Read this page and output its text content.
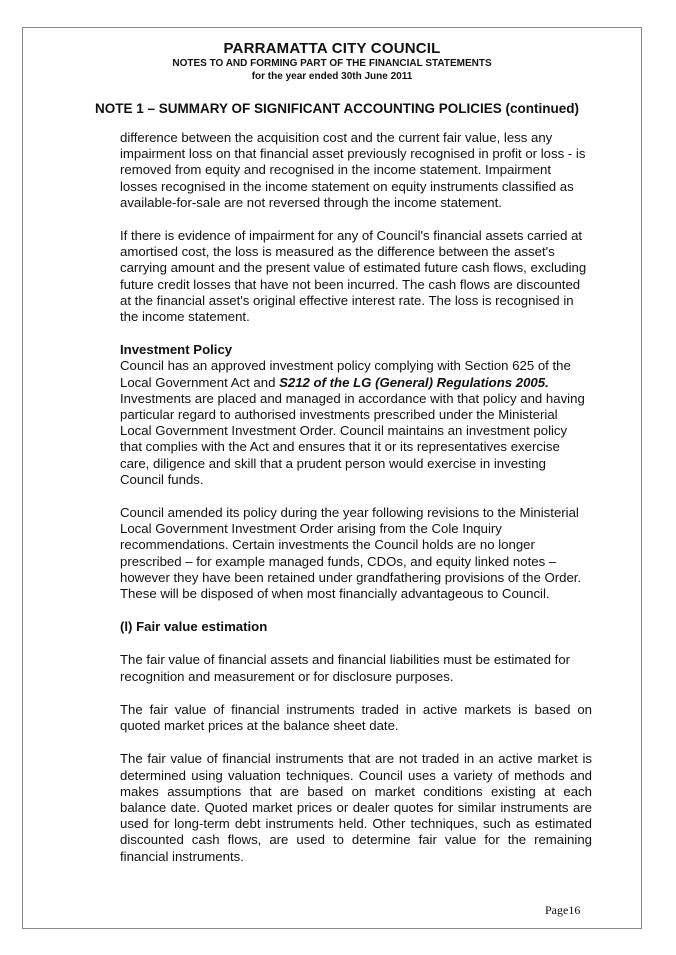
PARRAMATTA CITY COUNCIL
NOTES TO AND FORMING PART OF THE FINANCIAL STATEMENTS
for the year ended 30th June 2011
NOTE 1 – SUMMARY OF SIGNIFICANT ACCOUNTING POLICIES (continued)

difference between the acquisition cost and the current fair value, less any impairment loss on that financial asset previously recognised in profit or loss - is removed from equity and recognised in the income statement. Impairment losses recognised in the income statement on equity instruments classified as available-for-sale are not reversed through the income statement.

If there is evidence of impairment for any of Council's financial assets carried at amortised cost, the loss is measured as the difference between the asset's carrying amount and the present value of estimated future cash flows, excluding future credit losses that have not been incurred. The cash flows are discounted at the financial asset's original effective interest rate. The loss is recognised in the income statement.

Investment Policy

Council has an approved investment policy complying with Section 625 of the Local Government Act and S212 of the LG (General) Regulations 2005. Investments are placed and managed in accordance with that policy and having particular regard to authorised investments prescribed under the Ministerial Local Government Investment Order. Council maintains an investment policy that complies with the Act and ensures that it or its representatives exercise care, diligence and skill that a prudent person would exercise in investing Council funds.

Council amended its policy during the year following revisions to the Ministerial Local Government Investment Order arising from the Cole Inquiry recommendations. Certain investments the Council holds are no longer prescribed – for example managed funds, CDOs, and equity linked notes – however they have been retained under grandfathering provisions of the Order. These will be disposed of when most financially advantageous to Council.

(l) Fair value estimation

The fair value of financial assets and financial liabilities must be estimated for recognition and measurement or for disclosure purposes.

The fair value of financial instruments traded in active markets is based on quoted market prices at the balance sheet date.

The fair value of financial instruments that are not traded in an active market is determined using valuation techniques. Council uses a variety of methods and makes assumptions that are based on market conditions existing at each balance date. Quoted market prices or dealer quotes for similar instruments are used for long-term debt instruments held. Other techniques, such as estimated discounted cash flows, are used to determine fair value for the remaining financial instruments.

Page16
